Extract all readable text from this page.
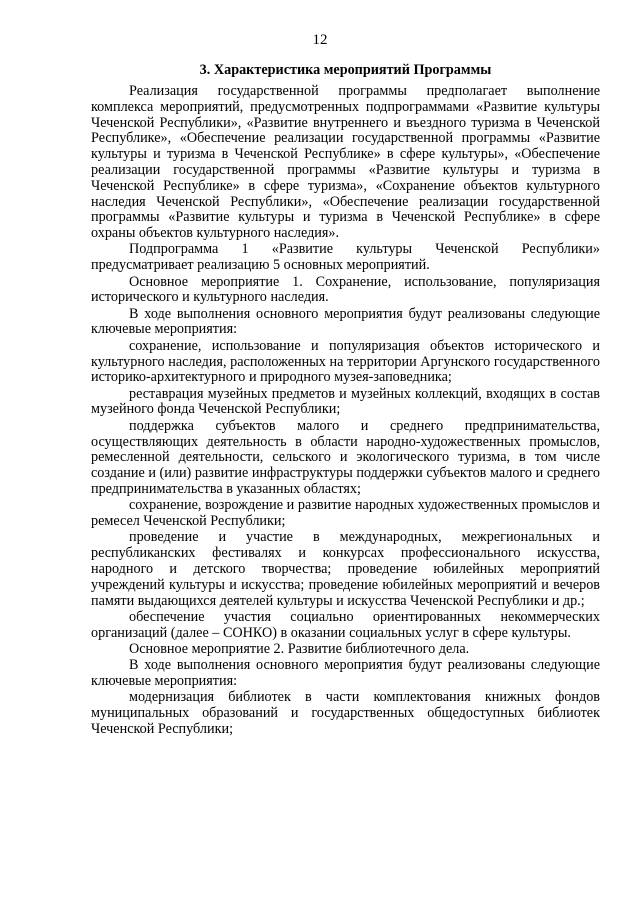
12
3. Характеристика мероприятий Программы

Реализация государственной программы предполагает выполнение комплекса мероприятий, предусмотренных подпрограммами «Развитие культуры Чеченской Республики», «Развитие внутреннего и въездного туризма в Чеченской Республике», «Обеспечение реализации государственной программы «Развитие культуры и туризма в Чеченской Республике» в сфере культуры», «Обеспечение реализации государственной программы «Развитие культуры и туризма в Чеченской Республике» в сфере туризма», «Сохранение объектов культурного наследия Чеченской Республики», «Обеспечение реализации государственной программы «Развитие культуры и туризма в Чеченской Республике» в сфере охраны объектов культурного наследия».

Подпрограмма 1 «Развитие культуры Чеченской Республики» предусматривает реализацию 5 основных мероприятий.

Основное мероприятие 1. Сохранение, использование, популяризация исторического и культурного наследия.

В ходе выполнения основного мероприятия будут реализованы следующие ключевые мероприятия:

сохранение, использование и популяризация объектов исторического и культурного наследия, расположенных на территории Аргунского государственного историко-архитектурного и природного музея-заповедника;

реставрация музейных предметов и музейных коллекций, входящих в состав музейного фонда Чеченской Республики;

поддержка субъектов малого и среднего предпринимательства, осуществляющих деятельность в области народно-художественных промыслов, ремесленной деятельности, сельского и экологического туризма, в том числе создание и (или) развитие инфраструктуры поддержки субъектов малого и среднего предпринимательства в указанных областях;

сохранение, возрождение и развитие народных художественных промыслов и ремесел Чеченской Республики;

проведение и участие в международных, межрегиональных и республиканских фестивалях и конкурсах профессионального искусства, народного и детского творчества; проведение юбилейных мероприятий учреждений культуры и искусства; проведение юбилейных мероприятий и вечеров памяти выдающихся деятелей культуры и искусства Чеченской Республики и др.;

обеспечение участия социально ориентированных некоммерческих организаций (далее – СОНКО) в оказании социальных услуг в сфере культуры.

Основное мероприятие 2. Развитие библиотечного дела.

В ходе выполнения основного мероприятия будут реализованы следующие ключевые мероприятия:

модернизация библиотек в части комплектования книжных фондов муниципальных образований и государственных общедоступных библиотек Чеченской Республики;
